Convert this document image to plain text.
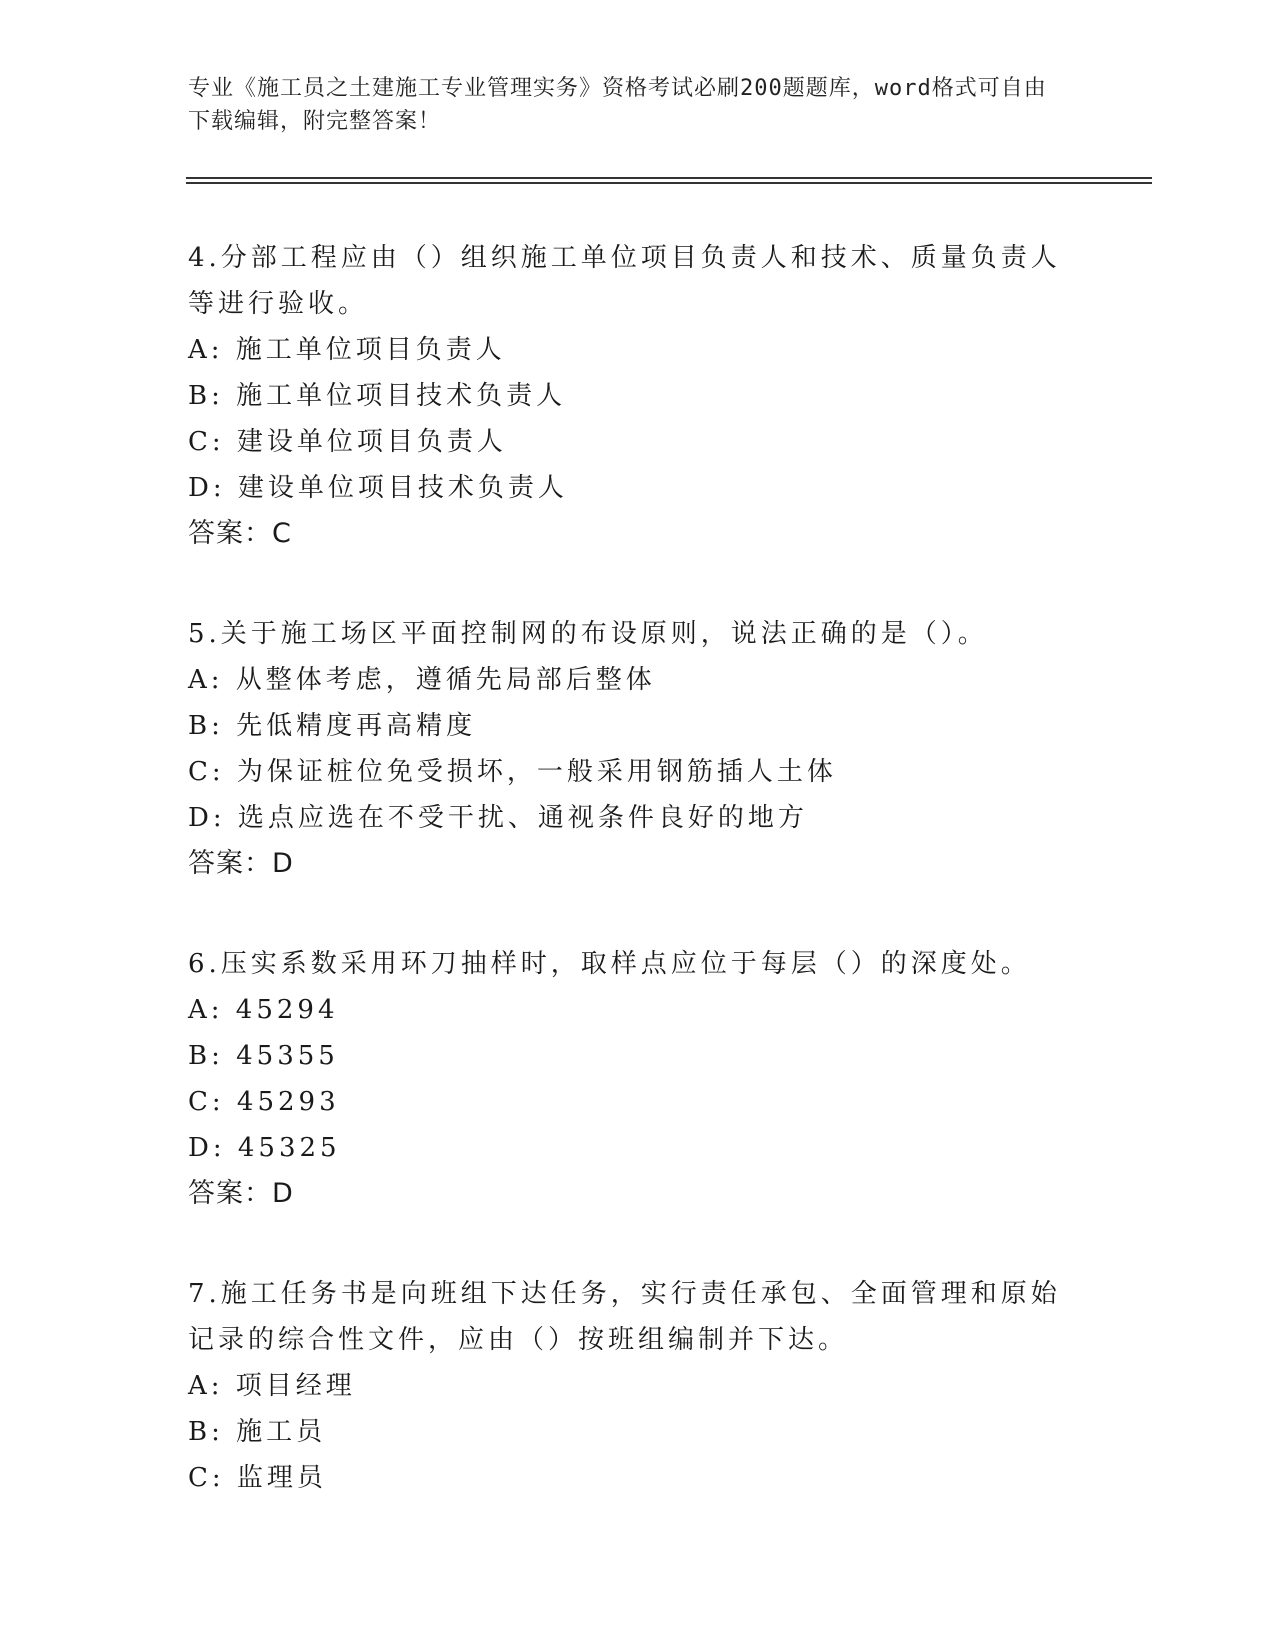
专业《施工员之土建施工专业管理实务》资格考试必刷200题题库，word格式可自由下载编辑，附完整答案！

4.分部工程应由（）组织施工单位项目负责人和技术、质量负责人等进行验收。

A: 施工单位项目负责人

B: 施工单位项目技术负责人

C: 建设单位项目负责人

D: 建设单位项目技术负责人

答案：C

5.关于施工场区平面控制网的布设原则，说法正确的是（）。

A: 从整体考虑，遵循先局部后整体

B: 先低精度再高精度

C: 为保证桩位免受损坏，一般采用钢筋插人土体

D: 选点应选在不受干扰、通视条件良好的地方

答案：D

6.压实系数采用环刀抽样时，取样点应位于每层（）的深度处。

A: 45294

B: 45355

C: 45293

D: 45325

答案：D

7.施工任务书是向班组下达任务，实行责任承包、全面管理和原始记录的综合性文件，应由（）按班组编制并下达。

A: 项目经理

B: 施工员

C: 监理员
